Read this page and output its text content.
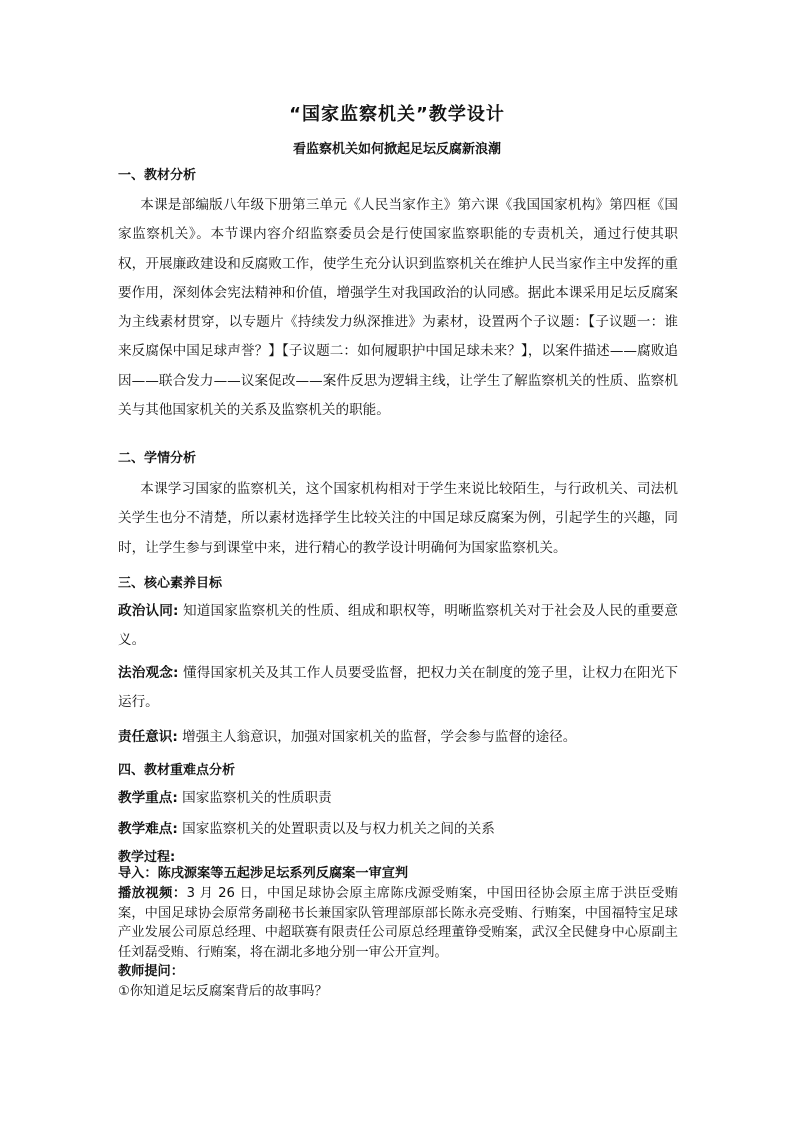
“国家监察机关”教学设计
看监察机关如何掀起足坛反腐新浪潮
一、教材分析

本课是部编版八年级下册第三单元《人民当家作主》第六课《我国国家机构》第四框《国家监察机关》。本节课内容介绍监察委员会是行使国家监察职能的专责机关，通过行使其职权，开展廉政建设和反腐败工作，使学生充分认识到监察机关在维护人民当家作主中发挥的重要作用，深刻体会宪法精神和价值，增强学生对我国政治的认同感。据此本课采用足坛反腐案为主线素材贯穿，以专题片《持续发力纵深推进》为素材，设置两个子议题：【子议题一：谁来反腐保中国足球声誉？】【子议题二：如何履职护中国足球未来？】，以案件描述——腐败追因——联合发力——议案促改——案件反思为逻辑主线，让学生了解监察机关的性质、监察机关与其他国家机关的关系及监察机关的职能。

二、学情分析

本课学习国家的监察机关，这个国家机构相对于学生来说比较陌生，与行政机关、司法机关学生也分不清楚，所以素材选择学生比较关注的中国足球反腐案为例，引起学生的兴趣，同时，让学生参与到课堂中来，进行精心的教学设计明确何为国家监察机关。

三、核心素养目标

政治认同: 知道国家监察机关的性质、组成和职权等，明晰监察机关对于社会及人民的重要意义。

法治观念: 懂得国家机关及其工作人员要受监督，把权力关在制度的笼子里，让权力在阳光下运行。

责任意识: 增强主人翁意识，加强对国家机关的监督，学会参与监督的途径。

四、教材重难点分析

教学重点: 国家监察机关的性质职责

教学难点: 国家监察机关的处置职责以及与权力机关之间的关系

教学过程:

导入：陈戌源案等五起涉足坛系列反腐案一审宣判

播放视频：3 月 26 日，中国足球协会原主席陈戌源受贿案，中国田径协会原主席于洪臣受贿案，中国足球协会原常务副秘书长兼国家队管理部原部长陈永亮受贿、行贿案，中国福特宝足球产业发展公司原总经理、中超联赛有限责任公司原总经理董铮受贿案，武汉全民健身中心原副主任刘磊受贿、行贿案，将在湖北多地分别一审公开宣判。

教师提问：

①你知道足坛反腐案背后的故事吗？
